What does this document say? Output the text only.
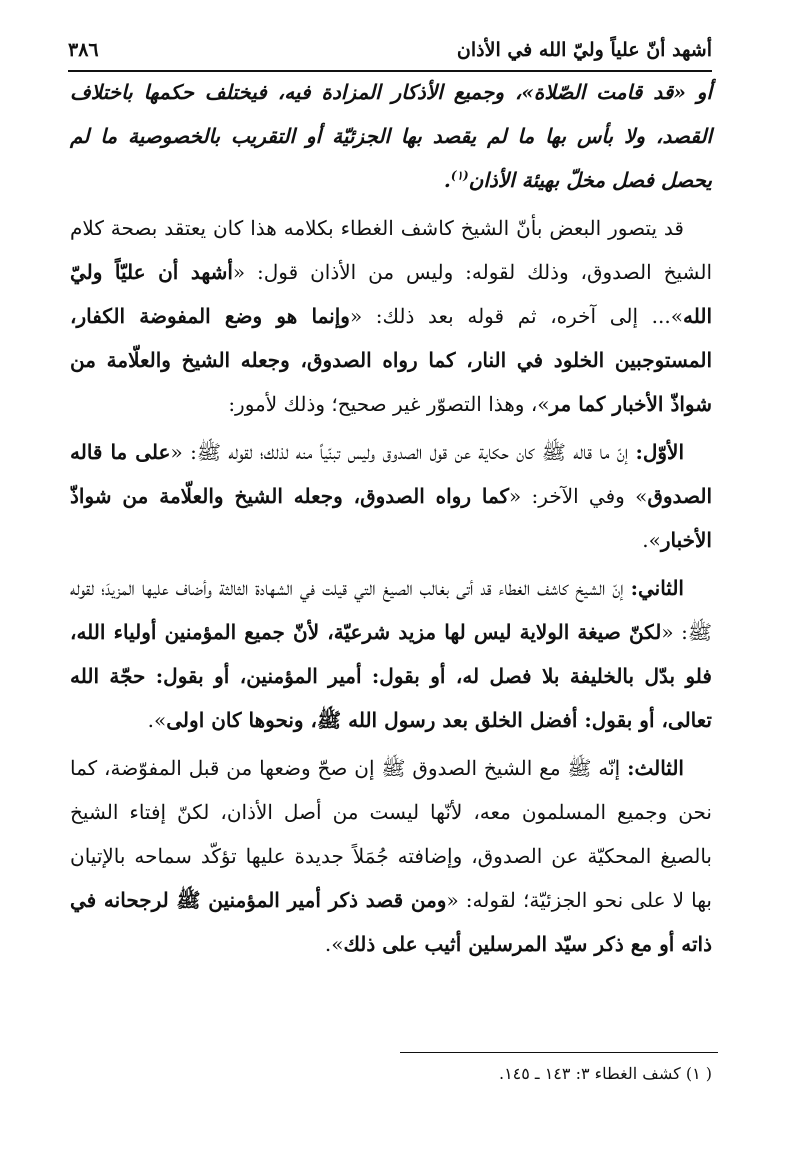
أشهد أنّ علياً وليّ الله في الأذان
٣٨٦

أو «قد قامت الصّلاة»، وجميع الأذكار المزادة فيه، فيختلف حكمها باختلاف القصد، ولا بأس بها ما لم يقصد بها الجزئيّة أو التقريب بالخصوصية ما لم يحصل فصل مخلّ بهيئة الأذان$^{(١)}$.

قد يتصور البعض بأنّ الشيخ كاشف الغطاء بكلامه هذا كان يعتقد بصحة كلام الشيخ الصدوق، وذلك لقوله: وليس من الأذان قول: «أشهد أن عليّاً وليّ الله»... إلى آخره، ثم قوله بعد ذلك: «وإنما هو وضع المفوضة الكفار، المستوجبين الخلود في النار، كما رواه الصدوق، وجعله الشيخ والعلّامة من شواذّ الأخبار كما مر»، وهذا التصوّر غير صحيح؛ وذلك لأمور:

الأوّل: إنّ ما قاله ﷺ كان حكاية عن قول الصدوق وليس تبنّياً منه لذلك؛ لقوله ﷺ: «على ما قاله الصدوق» وفي الآخر: «كما رواه الصدوق، وجعله الشيخ والعلّامة من شواذّ الأخبار».

الثاني: إنّ الشيخ كاشف الغطاء قد أتى بغالب الصيغ التي قيلت في الشهادة الثالثة وأضاف عليها المزيدَ؛ لقوله ﷺ: «لكنّ صيغة الولاية ليس لها مزيد شرعيّة، لأنّ جميع المؤمنين أولياء الله، فلو بدّل بالخليفة بلا فصل له، أو بقول: أمير المؤمنين، أو بقول: حجّة الله تعالى، أو بقول: أفضل الخلق بعد رسول الله ﷺ، ونحوها كان اولى».

الثالث: إنّه ﷺ مع الشيخ الصدوق ﷺ إن صحّ وضعها من قبل المفوّضة، كما نحن وجميع المسلمون معه، لأنّها ليست من أصل الأذان، لكنّ إفتاء الشيخ بالصيغ المحكيّة عن الصدوق، وإضافته جُمَلاً جديدة عليها تؤكّد سماحه بالإتيان بها لا على نحو الجزئيّة؛ لقوله: «ومن قصد ذكر أمير المؤمنين ﷺ لرجحانه في ذاته أو مع ذكر سيّد المرسلين أثيب على ذلك».

( ١) كشف الغطاء ٣: ١٤٣ ـ ١٤٥.
